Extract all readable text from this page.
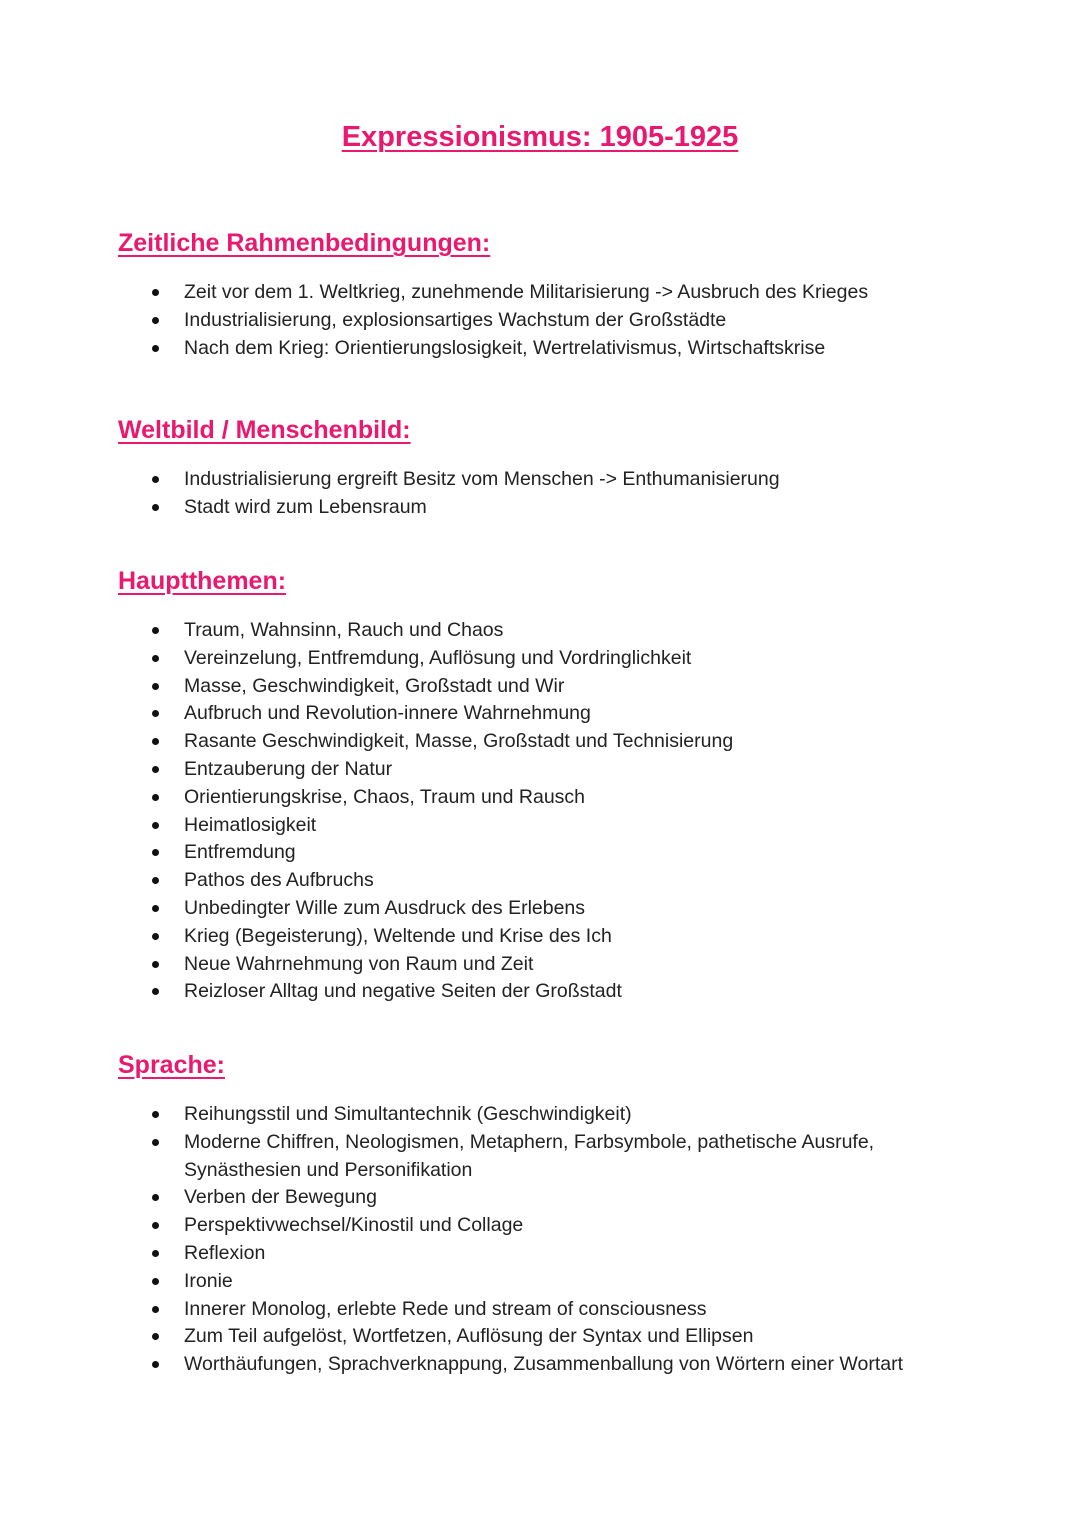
Expressionismus: 1905-1925
Zeitliche Rahmenbedingungen:
Zeit vor dem 1. Weltkrieg, zunehmende Militarisierung -> Ausbruch des Krieges
Industrialisierung, explosionsartiges Wachstum der Großstädte
Nach dem Krieg: Orientierungslosigkeit, Wertrelativismus, Wirtschaftskrise
Weltbild / Menschenbild:
Industrialisierung ergreift Besitz vom Menschen -> Enthumanisierung
Stadt wird zum Lebensraum
Hauptthemen:
Traum, Wahnsinn, Rauch und Chaos
Vereinzelung, Entfremdung, Auflösung und Vordringlichkeit
Masse, Geschwindigkeit, Großstadt und Wir
Aufbruch und Revolution-innere Wahrnehmung
Rasante Geschwindigkeit, Masse, Großstadt und Technisierung
Entzauberung der Natur
Orientierungskrise, Chaos, Traum und Rausch
Heimatlosigkeit
Entfremdung
Pathos des Aufbruchs
Unbedingter Wille zum Ausdruck des Erlebens
Krieg (Begeisterung), Weltende und Krise des Ich
Neue Wahrnehmung von Raum und Zeit
Reizloser Alltag und negative Seiten der Großstadt
Sprache:
Reihungsstil und Simultantechnik (Geschwindigkeit)
Moderne Chiffren, Neologismen, Metaphern, Farbsymbole, pathetische Ausrufe, Synästhesien und Personifikation
Verben der Bewegung
Perspektivwechsel/Kinostil und Collage
Reflexion
Ironie
Innerer Monolog, erlebte Rede und stream of consciousness
Zum Teil aufgelöst, Wortfetzen, Auflösung der Syntax und Ellipsen
Worthäufungen, Sprachverknappung, Zusammenballung von Wörtern einer Wortart
